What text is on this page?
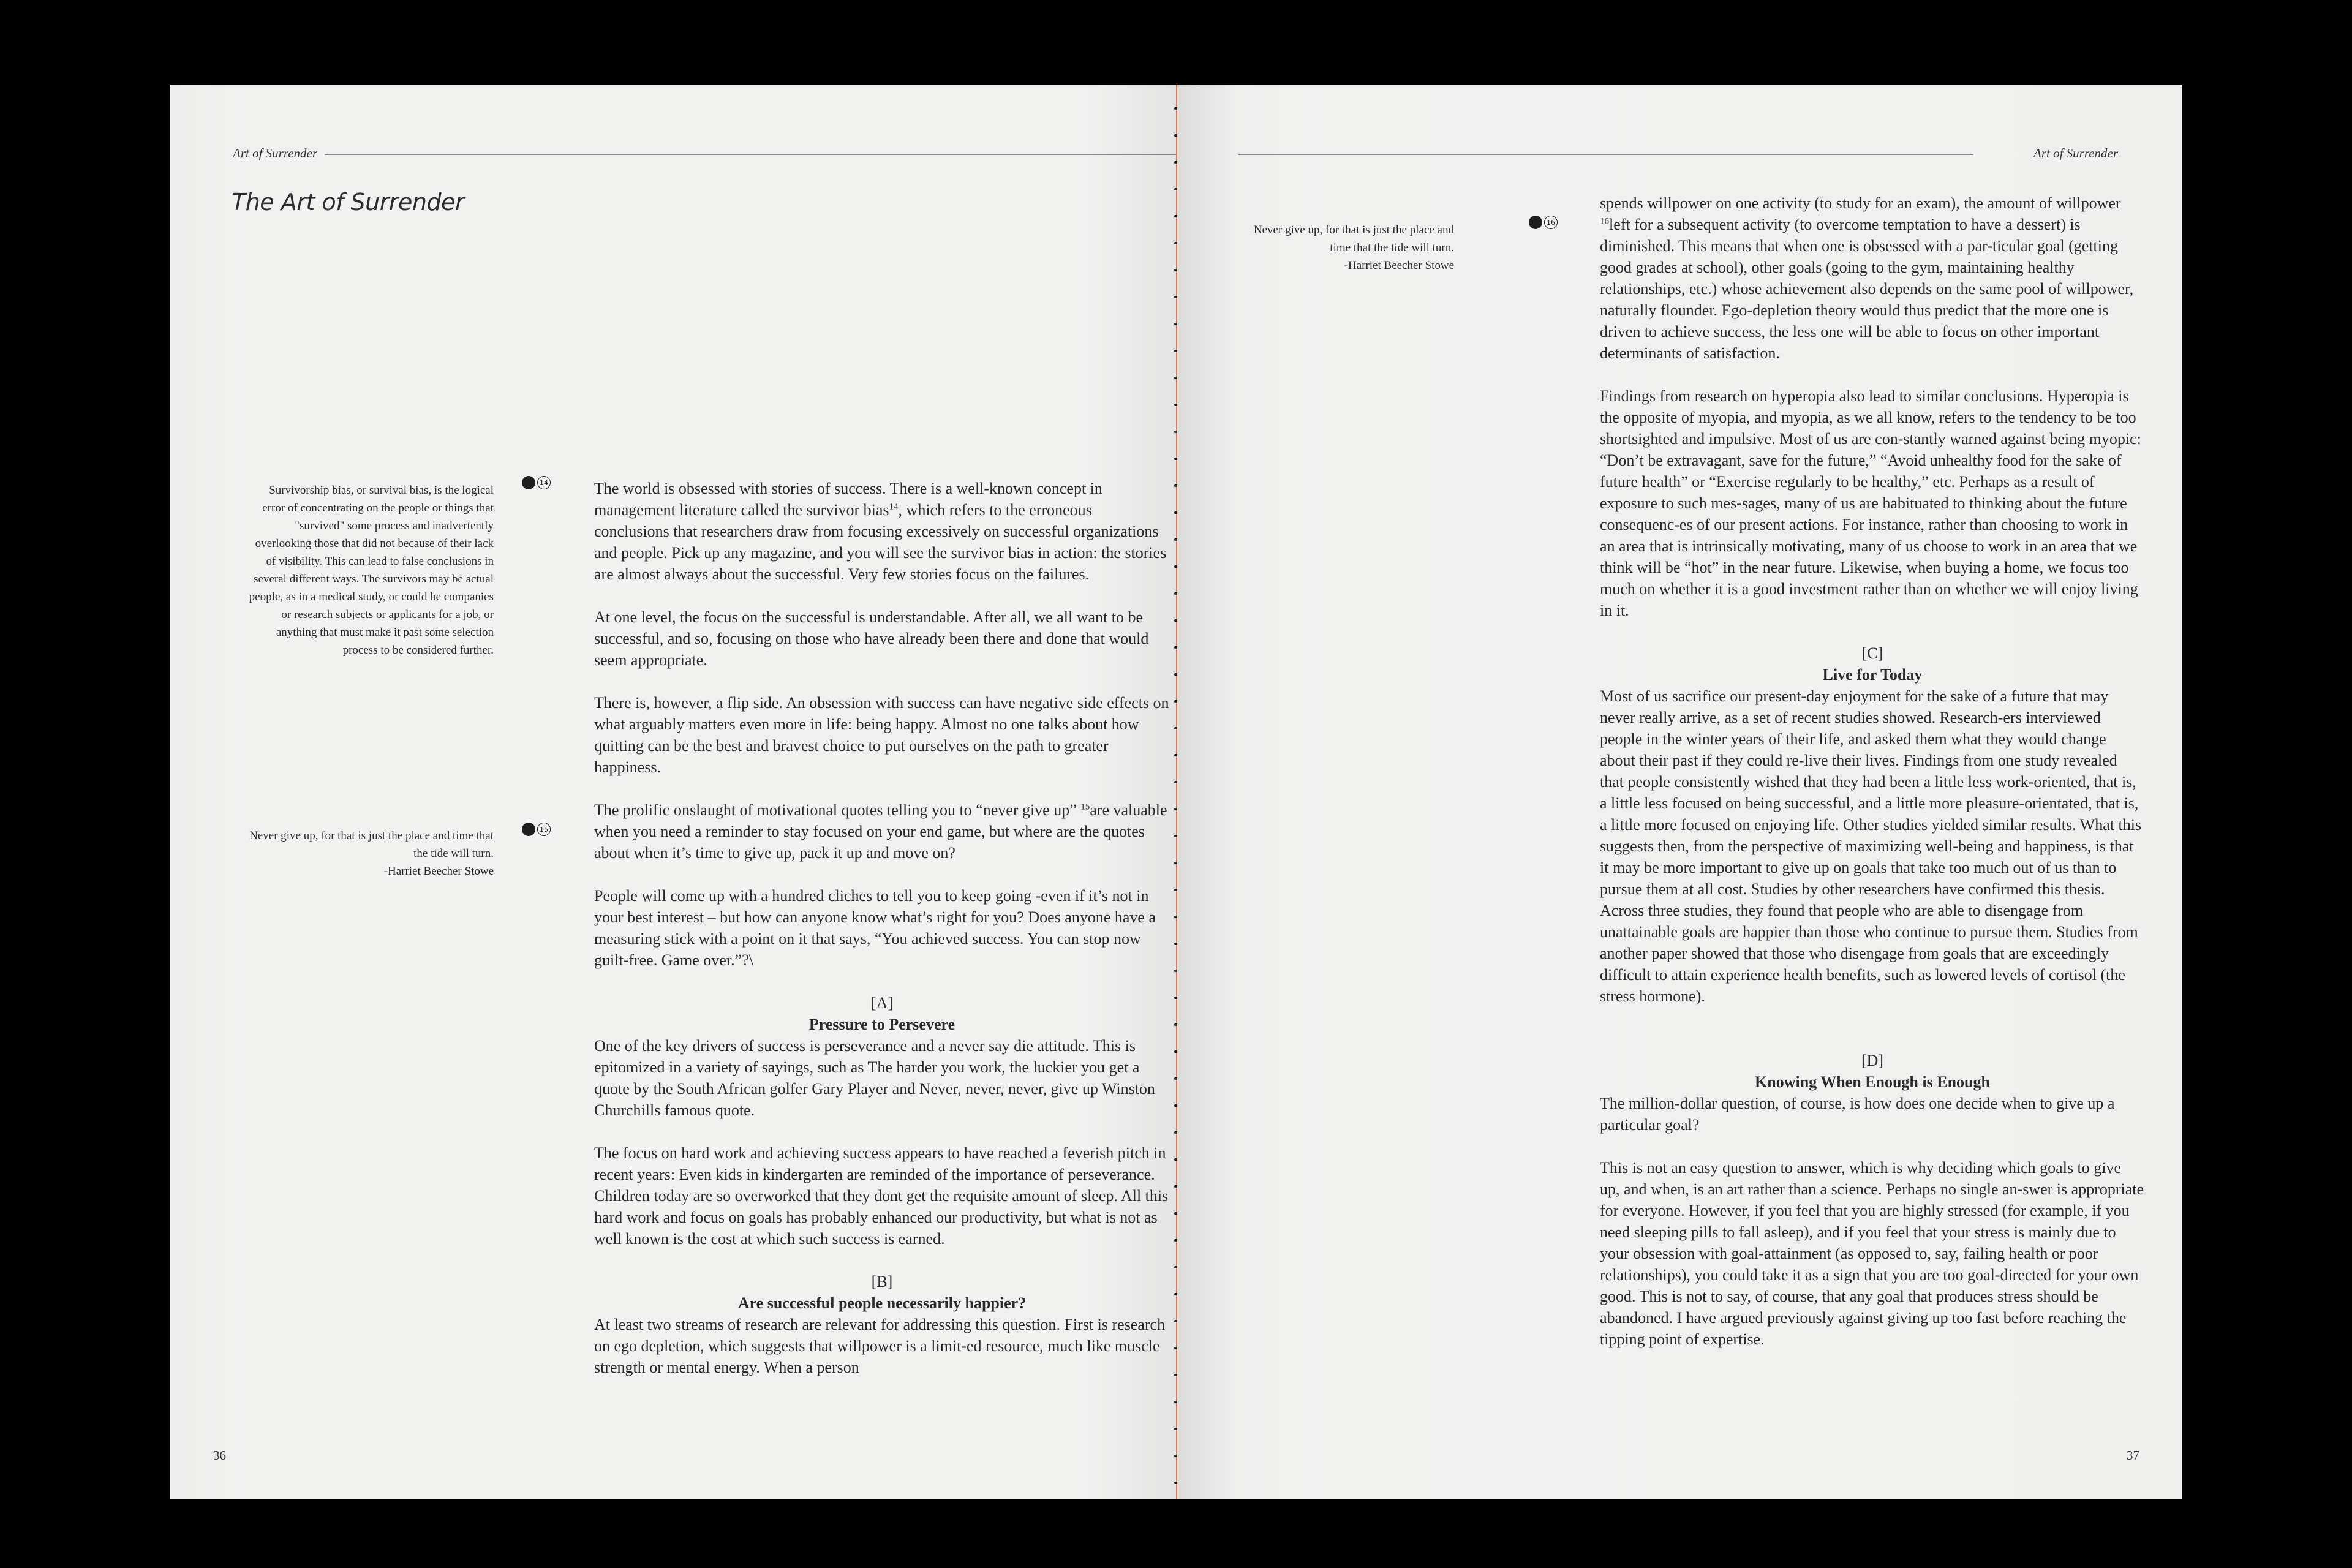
Art of Surrender
The Art of Surrender
Survivorship bias, or survival bias, is the logical error of concentrating on the people or things that "survived" some process and inadvertently overlooking those that did not because of their lack of visibility. This can lead to false conclusions in several different ways. The survivors may be actual people, as in a medical study, or could be companies or research subjects or applicants for a job, or anything that must make it past some selection process to be considered further.
14
Never give up, for that is just the place and time that the tide will turn.
-Harriet Beecher Stowe
15

The world is obsessed with stories of success. There is a well-known concept in management literature called the survivor bias$^{14}$, which refers to the erroneous conclusions that researchers draw from focusing excessively on successful organizations and people. Pick up any magazine, and you will see the survivor bias in action: the stories are almost always about the successful. Very few stories focus on the failures.

At one level, the focus on the successful is understandable. After all, we all want to be successful, and so, focusing on those who have already been there and done that would seem appropriate.

There is, however, a flip side. An obsession with success can have negative side effects on what arguably matters even more in life: being happy. Almost no one talks about how quitting can be the best and bravest choice to put ourselves on the path to greater happiness.

The prolific onslaught of motivational quotes telling you to “never give up” $^{15}$are valuable when you need a reminder to stay focused on your end game, but where are the quotes about when it’s time to give up, pack it up and move on?

People will come up with a hundred cliches to tell you to keep going -even if it’s not in your best interest – but how can anyone know what’s right for you? Does anyone have a measuring stick with a point on it that says, “You achieved success. You can stop now guilt-free. Game over.”?\

[A]
Pressure to Persevere

One of the key drivers of success is perseverance and a never say die attitude. This is epitomized in a variety of sayings, such as The harder you work, the luckier you get a quote by the South African golfer Gary Player and Never, never, never, give up Winston Churchills famous quote.

The focus on hard work and achieving success appears to have reached a feverish pitch in recent years: Even kids in kindergarten are reminded of the importance of perseverance. Children today are so overworked that they dont get the requisite amount of sleep. All this hard work and focus on goals has probably enhanced our productivity, but what is not as well known is the cost at which such success is earned.

[B]
Are successful people necessarily happier?

At least two streams of research are relevant for addressing this question. First is research on ego depletion, which suggests that willpower is a limit-ed resource, much like muscle strength or mental energy. When a person

36
Art of Surrender
Never give up, for that is just the place and time that the tide will turn.
-Harriet Beecher Stowe
16

spends willpower on one activity (to study for an exam), the amount of willpower $^{16}$left for a subsequent activity (to overcome temptation to have a dessert) is diminished. This means that when one is obsessed with a par-ticular goal (getting good grades at school), other goals (going to the gym, maintaining healthy relationships, etc.) whose achievement also depends on the same pool of willpower, naturally flounder. Ego-depletion theory would thus predict that the more one is driven to achieve success, the less one will be able to focus on other important determinants of satisfaction.

Findings from research on hyperopia also lead to similar conclusions. Hyperopia is the opposite of myopia, and myopia, as we all know, refers to the tendency to be too shortsighted and impulsive. Most of us are con-stantly warned against being myopic: “Don’t be extravagant, save for the future,” “Avoid unhealthy food for the sake of future health” or “Exercise regularly to be healthy,” etc. Perhaps as a result of exposure to such mes-sages, many of us are habituated to thinking about the future consequenc-es of our present actions. For instance, rather than choosing to work in an area that is intrinsically motivating, many of us choose to work in an area that we think will be “hot” in the near future. Likewise, when buying a home, we focus too much on whether it is a good investment rather than on whether we will enjoy living in it.

[C]
Live for Today

Most of us sacrifice our present-day enjoyment for the sake of a future that may never really arrive, as a set of recent studies showed. Research-ers interviewed people in the winter years of their life, and asked them what they would change about their past if they could re-live their lives. Findings from one study revealed that people consistently wished that they had been a little less work-oriented, that is, a little less focused on being successful, and a little more pleasure-orientated, that is, a little more focused on enjoying life. Other studies yielded similar results. What this suggests then, from the perspective of maximizing well-being and happiness, is that it may be more important to give up on goals that take too much out of us than to pursue them at all cost. Studies by other researchers have confirmed this thesis. Across three studies, they found that people who are able to disengage from unattainable goals are happier than those who continue to pursue them. Studies from another paper showed that those who disengage from goals that are exceedingly difficult to attain experience health benefits, such as lowered levels of cortisol (the stress hormone).

[D]
Knowing When Enough is Enough

The million-dollar question, of course, is how does one decide when to give up a particular goal?

This is not an easy question to answer, which is why deciding which goals to give up, and when, is an art rather than a science. Perhaps no single an-swer is appropriate for everyone. However, if you feel that you are highly stressed (for example, if you need sleeping pills to fall asleep), and if you feel that your stress is mainly due to your obsession with goal-attainment (as opposed to, say, failing health or poor relationships), you could take it as a sign that you are too goal-directed for your own good. This is not to say, of course, that any goal that produces stress should be abandoned. I have argued previously against giving up too fast before reaching the tipping point of expertise.

37
